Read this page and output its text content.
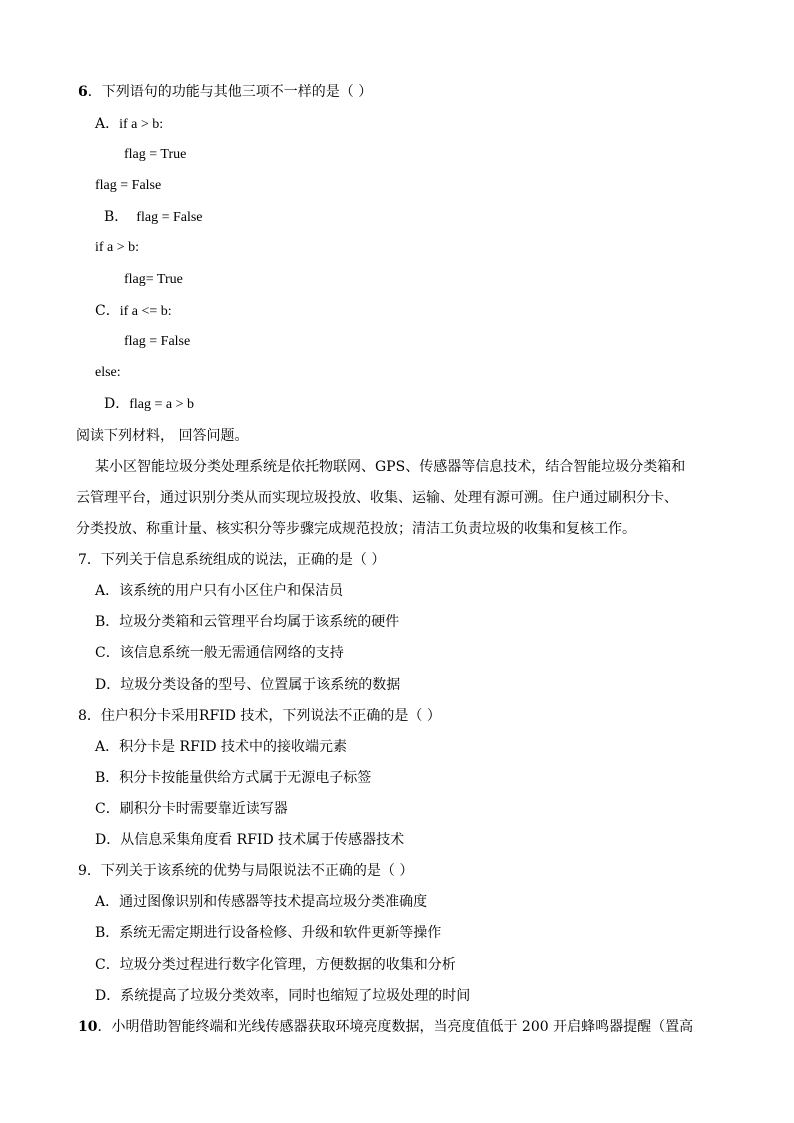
6．下列语句的功能与其他三项不一样的是（ ）
A．if a > b:
flag = True
flag = False
B． flag = False
if a > b:
flag= True
C．if a <= b:
flag = False
else:
D．flag = a > b
阅读下列材料， 回答问题。
某小区智能垃圾分类处理系统是依托物联网、GPS、传感器等信息技术，结合智能垃圾分类箱和
云管理平台，通过识别分类从而实现垃圾投放、收集、运输、处理有源可溯。住户通过刷积分卡、
分类投放、称重计量、核实积分等步骤完成规范投放；清洁工负责垃圾的收集和复核工作。
7．下列关于信息系统组成的说法，正确的是（ ）
A．该系统的用户只有小区住户和保洁员
B．垃圾分类箱和云管理平台均属于该系统的硬件
C．该信息系统一般无需通信网络的支持
D．垃圾分类设备的型号、位置属于该系统的数据
8．住户积分卡采用RFID 技术，下列说法不正确的是（ ）
A．积分卡是 RFID 技术中的接收端元素
B．积分卡按能量供给方式属于无源电子标签
C．刷积分卡时需要靠近读写器
D．从信息采集角度看 RFID 技术属于传感器技术
9．下列关于该系统的优势与局限说法不正确的是（ ）
A．通过图像识别和传感器等技术提高垃圾分类准确度
B．系统无需定期进行设备检修、升级和软件更新等操作
C．垃圾分类过程进行数字化管理，方便数据的收集和分析
D．系统提高了垃圾分类效率，同时也缩短了垃圾处理的时间
10．小明借助智能终端和光线传感器获取环境亮度数据，当亮度值低于 200 开启蜂鸣器提醒（置高
